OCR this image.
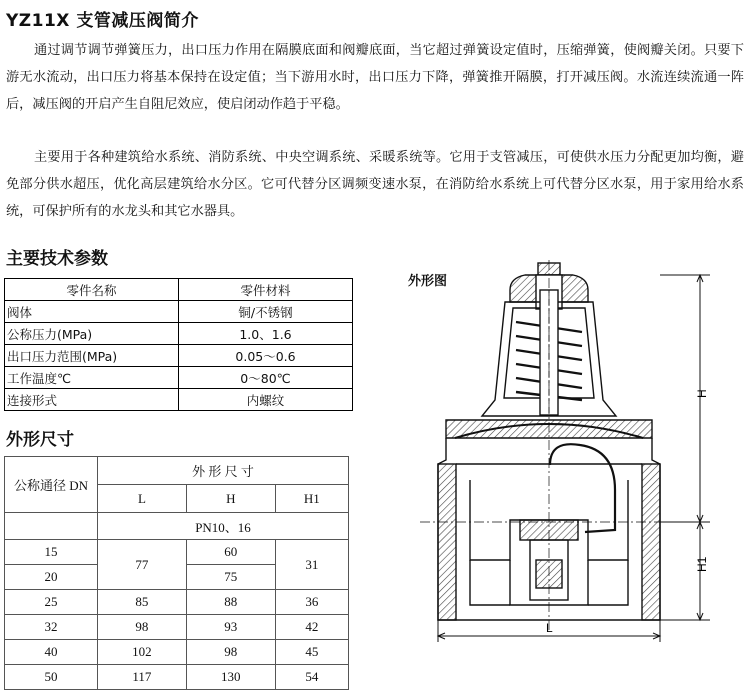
YZ11X 支管减压阀简介
通过调节调节弹簧压力，出口压力作用在隔膜底面和阀瓣底面，当它超过弹簧设定值时，压缩弹簧，使阀瓣关闭。只要下游无水流动，出口压力将基本保持在设定值；当下游用水时，出口压力下降，弹簧推开隔膜，打开减压阀。水流连续流通一阵后，减压阀的开启产生自阻尼效应，使启闭动作趋于平稳。
主要用于各种建筑给水系统、消防系统、中央空调系统、采暖系统等。它用于支管减压，可使供水压力分配更加均衡，避免部分供水超压，优化高层建筑给水分区。它可代替分区调频变速水泵，在消防给水系统上可代替分区水泵，用于家用给水系统，可保护所有的水龙头和其它水器具。
主要技术参数
零件名称	零件材料
阀体	铜/不锈钢
公称压力(MPa)	1.0、1.6
出口压力范围(MPa)	0.05～0.6
工作温度℃	0～80℃
连接形式	内螺纹
外形尺寸
公称通径 DN	外 形 尺 寸		
	L	H	H1
	PN10、16		
15	77	60	31
20		75	
25	85	88	36
32	98	93	42
40	102	98	45
50	117	130	54
H
H1
L
外形图
